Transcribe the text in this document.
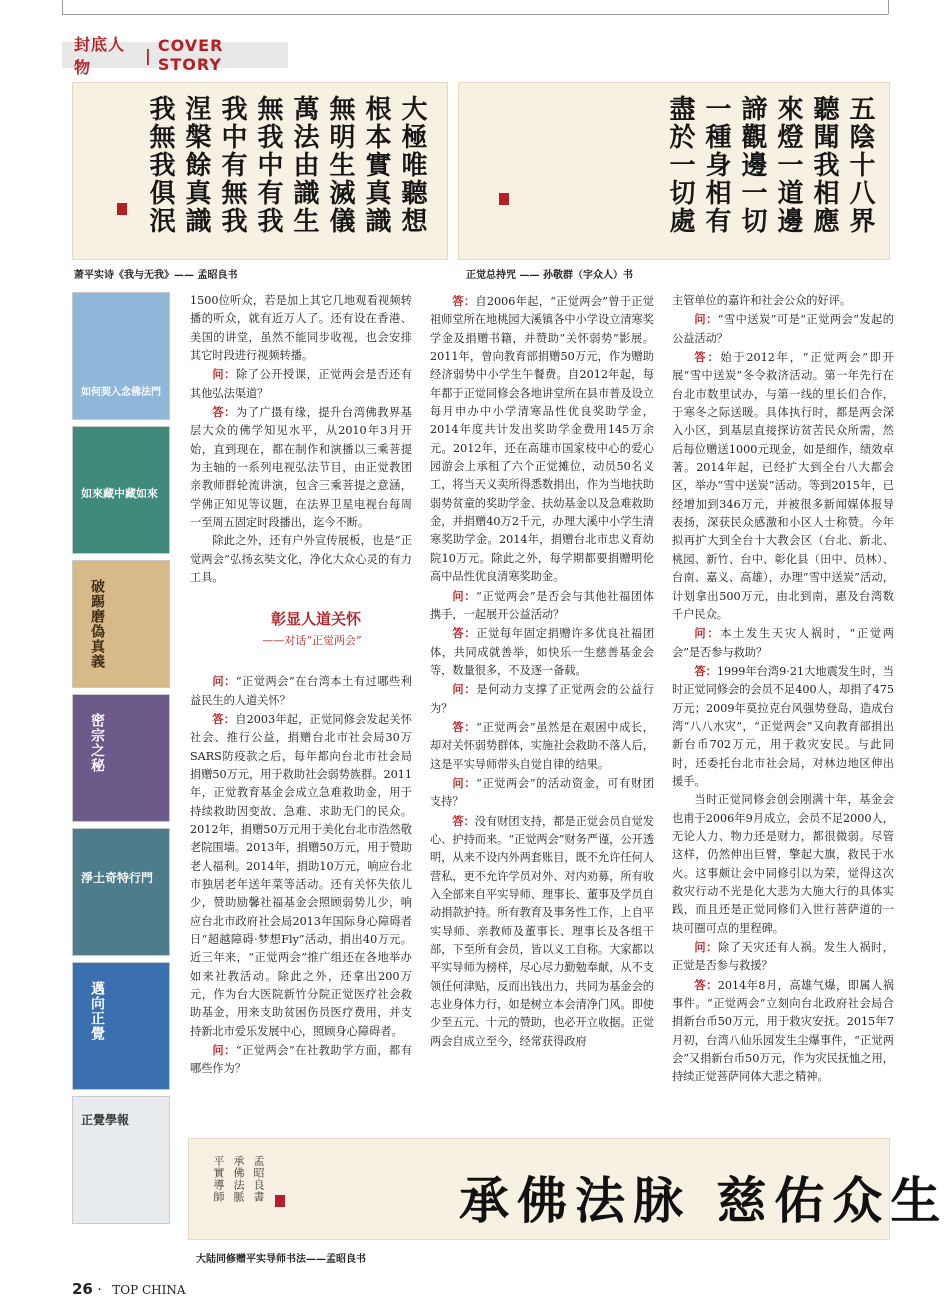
封底人物
| COVER STORY
大極唯聽想
根本實真識
無明生滅儀
萬法由識生
無我中有我
我中有無我
涅槃餘真識
我無我俱泯
萧平实诗《我与无我》—— 孟昭良书
五陰十八界
聽聞我相應
來燈一道邊
諦觀邊一切
一種身相有
盡於一切處
正觉总持咒 —— 孙敬群（字众人）书
如何契入念佛法門
如來藏中藏如來
破踢磨偽真義
密宗之秘
淨土奇特行門
邁向正覺
正覺學報

1500位听众，若是加上其它几地观看视频转播的听众，就有近万人了。还有设在香港、美国的讲堂，虽然不能同步收视，也会安排其它时段进行视频转播。

问：除了公开授课，正觉两会是否还有其他弘法渠道？

答：为了广摄有缘，提升台湾佛教界基层大众的佛学知见水平，从2010年3月开始，直到现在，都在制作和演播以三乘菩提为主轴的一系列电视弘法节目，由正觉教团亲教师群轮流讲演，包含三乘菩提之意涵，学佛正知见等议题，在法界卫星电视台每周一至周五固定时段播出，迄今不断。

除此之外，还有户外宣传展板，也是“正觉两会”弘扬玄奘文化，净化大众心灵的有力工具。

彰显人道关怀

——对话“正觉两会”

问：“正觉两会”在台湾本土有过哪些利益民生的人道关怀？

答：自2003年起，正觉同修会发起关怀社会、推行公益，捐赠台北市社会局30万SARS防疫款之后，每年都向台北市社会局捐赠50万元，用于救助社会弱势族群。2011年，正觉教育基金会成立急难救助金，用于持续救助因变故、急难、求助无门的民众。2012年，捐赠50万元用于美化台北市浩然敬老院围墙。2013年，捐赠50万元，用于赞助老人福利。2014年，捐助10万元，响应台北市独居老年送年菜等活动。还有关怀失依儿少，赞助励馨社福基金会照顾弱势儿少，响应台北市政府社会局2013年国际身心障碍者日“超越障碍·梦想Fly”活动，捐出40万元。近三年来，“正觉两会”推广组还在各地举办如来社教活动。除此之外，还拿出200万元，作为台大医院新竹分院正觉医疗社会救助基金，用来支助贫困伤员医疗费用，并支持新北市爱乐发展中心，照顾身心障碍者。

问：“正觉两会”在社教助学方面，都有哪些作为？

答：自2006年起，“正觉两会”曾于正觉祖师堂所在地桃园大溪镇各中小学设立清寒奖学金及捐赠书籍，并赞助“关怀弱势”影展。2011年，曾向教育部捐赠50万元，作为赠助经济弱势中小学生午餐费。自2012年起，每年都于正觉同修会各地讲堂所在县市普及设立每月申办中小学清寒品性优良奖助学金，2014年度共计发出奖助学金费用145万余元。2012年，还在高雄市国家枝中心的爱心园游会上承租了六个正觉摊位，动员50名义工，将当天义卖所得悉数捐出，作为当地扶助弱势贫童的奖助学金、扶幼基金以及急难救助金，并捐赠40万2千元，办理大溪中小学生清寒奖助学金。2014年，捐赠台北市忠义育幼院10万元。除此之外，每学期都要捐赠明伦高中品性优良清寒奖助金。

问：“正觉两会”是否会与其他社福团体携手，一起展开公益活动？

答：正觉每年固定捐赠许多优良社福团体，共同成就善举，如快乐一生慈善基金会等，数量很多，不及逐一备载。

问：是何动力支撑了正觉两会的公益行为？

答：“正觉两会”虽然是在艰困中成长，却对关怀弱势群体，实施社会救助不落人后，这是平实导师带头自觉自律的结果。

问：“正觉两会”的活动资金，可有财团支持？

答：没有财团支持，都是正觉会员自觉发心、护持而来。“正觉两会”财务严谨，公开透明，从来不设内外两套账目，既不允许任何人营私，更不允许学员对外、对内劝募，所有收入全部来自平实导师、理事长、董事及学员自动捐款护持。所有教育及事务性工作，上自平实导师、亲教师及董事长、理事长及各组干部，下至所有会员，皆以义工自称。大家都以平实导师为榜样，尽心尽力勤勉奉献，从不支领任何津贴，反而出钱出力，共同为基金会的志业身体力行，如是树立本会清净门风。即使少至五元、十元的赞助，也必开立收据。正觉两会自成立至今，经常获得政府

主管单位的嘉许和社会公众的好评。

问：“雪中送炭”可是“正觉两会”发起的公益活动？

答：始于2012年，“正觉两会”即开展“雪中送炭”冬令救济活动。第一年先行在台北市数里试办，与第一线的里长们合作，于寒冬之际送暖。具体执行时，都是两会深入小区，到基层直接探访贫苦民众所需，然后每位赠送1000元现金，如是细作，绩效卓著。2014年起，已经扩大到全台八大都会区，举办“雪中送炭”活动。等到2015年，已经增加到346万元，并被很多新闻媒体报导表扬，深获民众感激和小区人士称赞。今年拟再扩大到全台十大教会区（台北、新北、桃园、新竹、台中、彰化县（田中、员林）、台南、嘉义、高雄），办理“雪中送炭”活动，计划拿出500万元，由北到南，惠及台湾数千户民众。

问：本土发生天灾人祸时，“正觉两会”是否参与救助？

答：1999年台湾9·21大地震发生时，当时正觉同修会的会员不足400人，却捐了475万元；2009年莫拉克台风强势登岛，造成台湾“八八水灾”，“正觉两会”又向教育部捐出新台币702万元，用于救灾安民。与此同时，还委托台北市社会局，对林边地区伸出援手。

当时正觉同修会创会刚满十年，基金会也甫于2006年9月成立，会员不足2000人，无论人力、物力还是财力，都很微弱。尽管这样，仍然伸出巨臂，擎起大旗，救民于水火。这事颇让会中同修引以为荣，觉得这次救灾行动不光是化大悲为大施大行的具体实践，而且还是正觉同修们入世行菩萨道的一块可圈可点的里程碑。

问：除了天灾还有人祸。发生人祸时，正觉是否参与救援？

答：2014年8月，高雄气爆，即属人祸事件。“正觉两会”立刻向台北政府社会局合捐新台币50万元，用于救灾安抚。2015年7月初，台湾八仙乐园发生尘爆事件，“正觉两会”又捐新台币50万元，作为灾民抚恤之用，持续正觉菩萨同体大悲之精神。

平實導師 承佛法脈 孟昭良書	承佛法脉 慈佑众生
大陆同修赠平实导师书法——孟昭良书
26 · TOP CHINA
